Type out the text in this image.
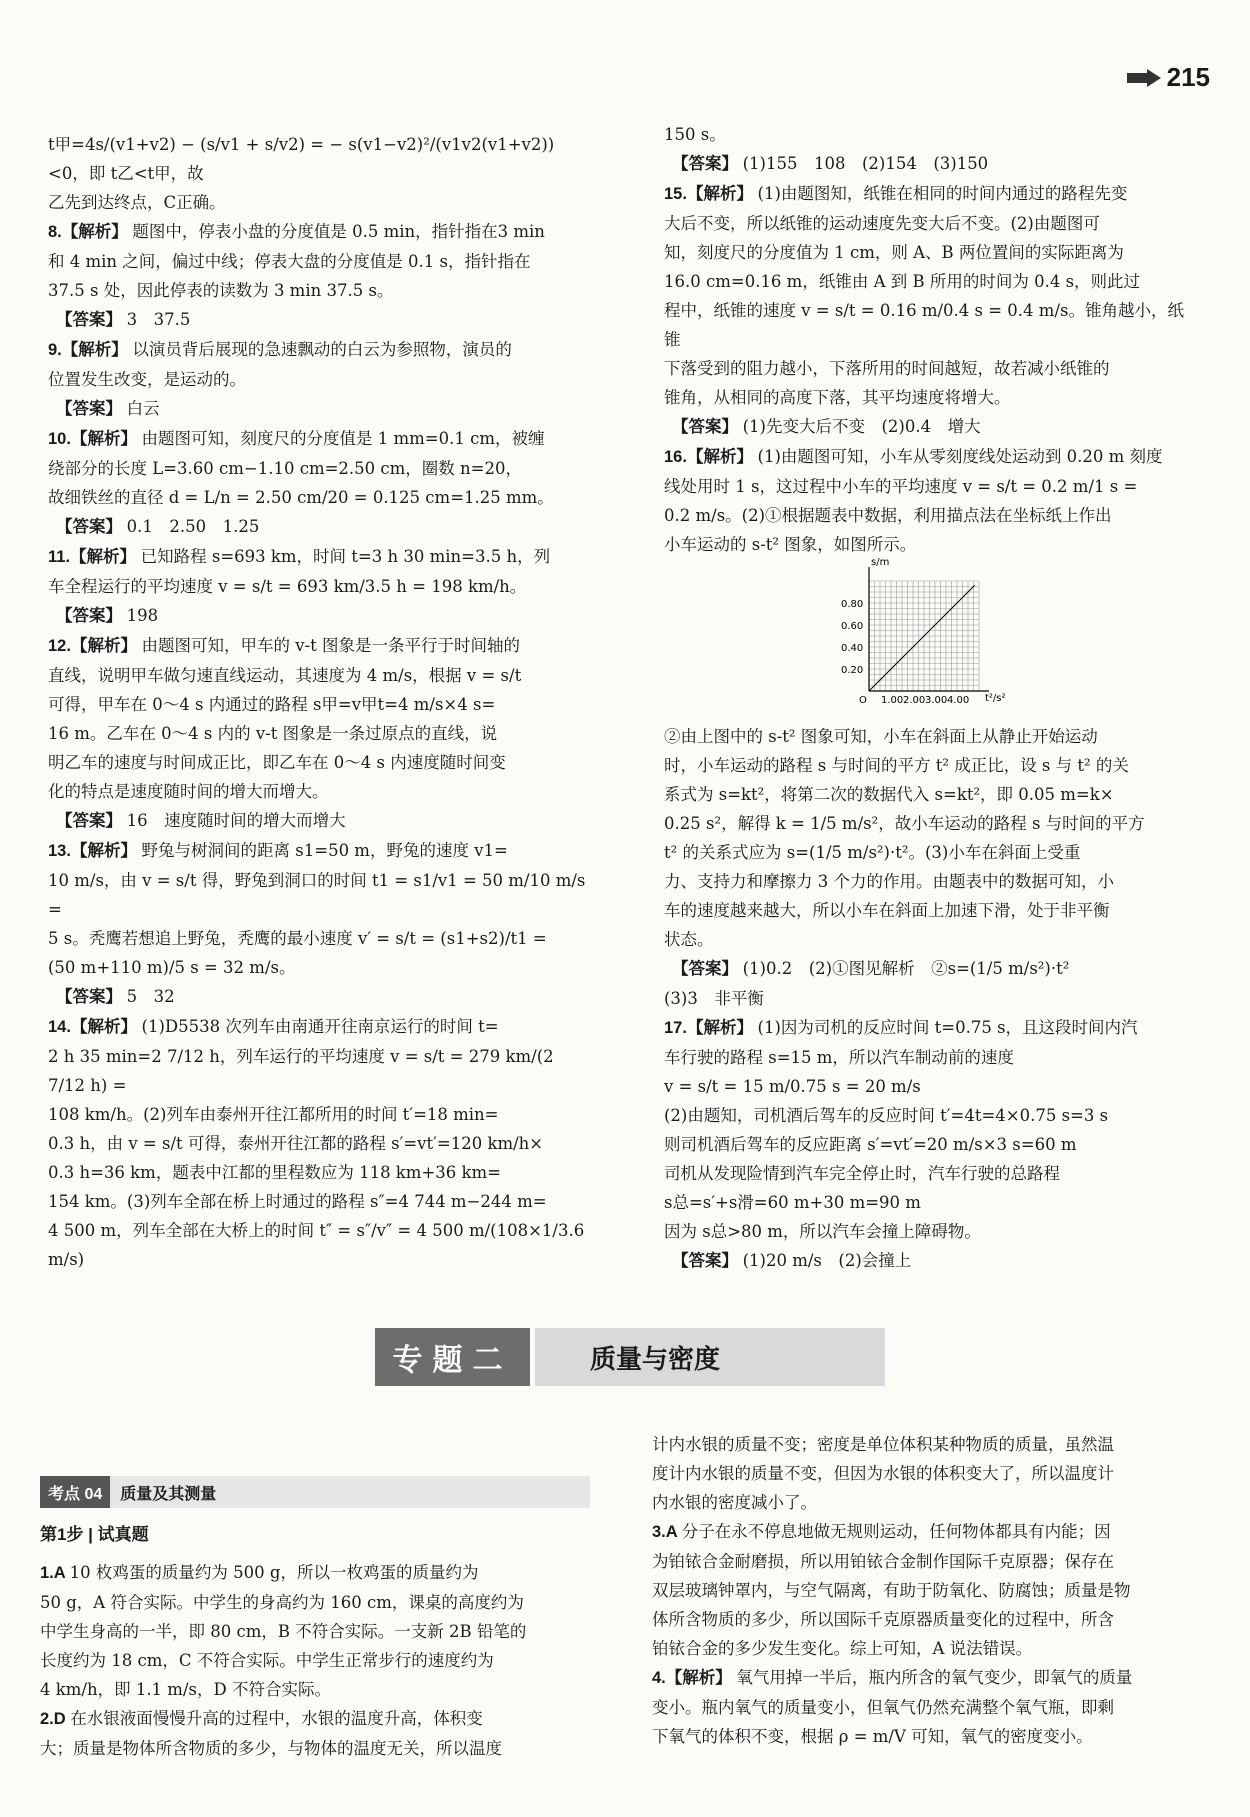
215
t甲=4s/(v1+v2) − (s/v1 + s/v2) = − s(v1−v2)²/(v1v2(v1+v2)) <0，即 t乙<t甲，故
乙先到达终点，C正确。
8.【解析】 题图中，停表小盘的分度值是 0.5 min，指针指在3 min
和 4 min 之间，偏过中线；停表大盘的分度值是 0.1 s，指针指在
37.5 s 处，因此停表的读数为 3 min 37.5 s。
【答案】 3　37.5
9.【解析】 以演员背后展现的急速飘动的白云为参照物，演员的
位置发生改变，是运动的。
【答案】 白云
10.【解析】 由题图可知，刻度尺的分度值是 1 mm=0.1 cm，被缠
绕部分的长度 L=3.60 cm−1.10 cm=2.50 cm，圈数 n=20，
故细铁丝的直径 d = L/n = 2.50 cm/20 = 0.125 cm=1.25 mm。
【答案】 0.1　2.50　1.25
11.【解析】 已知路程 s=693 km，时间 t=3 h 30 min=3.5 h，列
车全程运行的平均速度 v = s/t = 693 km/3.5 h = 198 km/h。
【答案】 198
12.【解析】 由题图可知，甲车的 v-t 图象是一条平行于时间轴的
直线，说明甲车做匀速直线运动，其速度为 4 m/s，根据 v = s/t
可得，甲车在 0～4 s 内通过的路程 s甲=v甲t=4 m/s×4 s=
16 m。乙车在 0～4 s 内的 v-t 图象是一条过原点的直线，说
明乙车的速度与时间成正比，即乙车在 0～4 s 内速度随时间变
化的特点是速度随时间的增大而增大。
【答案】 16　速度随时间的增大而增大
13.【解析】 野兔与树洞间的距离 s1=50 m，野兔的速度 v1=
10 m/s，由 v = s/t 得，野兔到洞口的时间 t1 = s1/v1 = 50 m/10 m/s =
5 s。秃鹰若想追上野兔，秃鹰的最小速度 v′ = s/t = (s1+s2)/t1 =
(50 m+110 m)/5 s = 32 m/s。
【答案】 5　32
14.【解析】 (1)D5538 次列车由南通开往南京运行的时间 t=
2 h 35 min=2 7/12 h，列车运行的平均速度 v = s/t = 279 km/(2 7/12 h) =
108 km/h。(2)列车由泰州开往江都所用的时间 t′=18 min=
0.3 h，由 v = s/t 可得，泰州开往江都的路程 s′=vt′=120 km/h×
0.3 h=36 km，题表中江都的里程数应为 118 km+36 km=
154 km。(3)列车全部在桥上时通过的路程 s″=4 744 m−244 m=
4 500 m，列车全部在大桥上的时间 t″ = s″/v″ = 4 500 m/(108×1/3.6 m/s)
150 s。
【答案】 (1)155　108　(2)154　(3)150
15.【解析】 (1)由题图知，纸锥在相同的时间内通过的路程先变
大后不变，所以纸锥的运动速度先变大后不变。(2)由题图可
知，刻度尺的分度值为 1 cm，则 A、B 两位置间的实际距离为
16.0 cm=0.16 m，纸锥由 A 到 B 所用的时间为 0.4 s，则此过
程中，纸锥的速度 v = s/t = 0.16 m/0.4 s = 0.4 m/s。锥角越小，纸锥
下落受到的阻力越小，下落所用的时间越短，故若减小纸锥的
锥角，从相同的高度下落，其平均速度将增大。
【答案】 (1)先变大后不变　(2)0.4　增大
16.【解析】 (1)由题图可知，小车从零刻度线处运动到 0.20 m 刻度
线处用时 1 s，这过程中小车的平均速度 v = s/t = 0.2 m/1 s =
0.2 m/s。(2)①根据题表中数据，利用描点法在坐标纸上作出
小车运动的 s-t² 图象，如图所示。
s/m
t²/s²
O
0.20
0.40
0.60
0.80
1.00 2.00 3.00 4.00
②由上图中的 s-t² 图象可知，小车在斜面上从静止开始运动
时，小车运动的路程 s 与时间的平方 t² 成正比，设 s 与 t² 的关
系式为 s=kt²，将第二次的数据代入 s=kt²，即 0.05 m=k×
0.25 s²，解得 k = 1/5 m/s²，故小车运动的路程 s 与时间的平方
t² 的关系式应为 s=(1/5 m/s²)·t²。(3)小车在斜面上受重
力、支持力和摩擦力 3 个力的作用。由题表中的数据可知，小
车的速度越来越大，所以小车在斜面上加速下滑，处于非平衡
状态。
【答案】 (1)0.2　(2)①图见解析　②s=(1/5 m/s²)·t²
(3)3　非平衡
17.【解析】 (1)因为司机的反应时间 t=0.75 s，且这段时间内汽
车行驶的路程 s=15 m，所以汽车制动前的速度
v = s/t = 15 m/0.75 s = 20 m/s
(2)由题知，司机酒后驾车的反应时间 t′=4t=4×0.75 s=3 s
则司机酒后驾车的反应距离 s′=vt′=20 m/s×3 s=60 m
司机从发现险情到汽车完全停止时，汽车行驶的总路程
s总=s′+s滑=60 m+30 m=90 m
因为 s总>80 m，所以汽车会撞上障碍物。
【答案】 (1)20 m/s　(2)会撞上
专题二	质量与密度
考点 04	质量及其测量
第1步 | 试真题
1.A 10 枚鸡蛋的质量约为 500 g，所以一枚鸡蛋的质量约为
50 g，A 符合实际。中学生的身高约为 160 cm，课桌的高度约为
中学生身高的一半，即 80 cm，B 不符合实际。一支新 2B 铅笔的
长度约为 18 cm，C 不符合实际。中学生正常步行的速度约为
4 km/h，即 1.1 m/s，D 不符合实际。
2.D 在水银液面慢慢升高的过程中，水银的温度升高，体积变
大；质量是物体所含物质的多少，与物体的温度无关，所以温度
计内水银的质量不变；密度是单位体积某种物质的质量，虽然温
度计内水银的质量不变，但因为水银的体积变大了，所以温度计
内水银的密度减小了。
3.A 分子在永不停息地做无规则运动，任何物体都具有内能；因
为铂铱合金耐磨损，所以用铂铱合金制作国际千克原器；保存在
双层玻璃钟罩内，与空气隔离，有助于防氧化、防腐蚀；质量是物
体所含物质的多少，所以国际千克原器质量变化的过程中，所含
铂铱合金的多少发生变化。综上可知，A 说法错误。
4.【解析】 氧气用掉一半后，瓶内所含的氧气变少，即氧气的质量
变小。瓶内氧气的质量变小，但氧气仍然充满整个氧气瓶，即剩
下氧气的体积不变，根据 ρ = m/V 可知，氧气的密度变小。
